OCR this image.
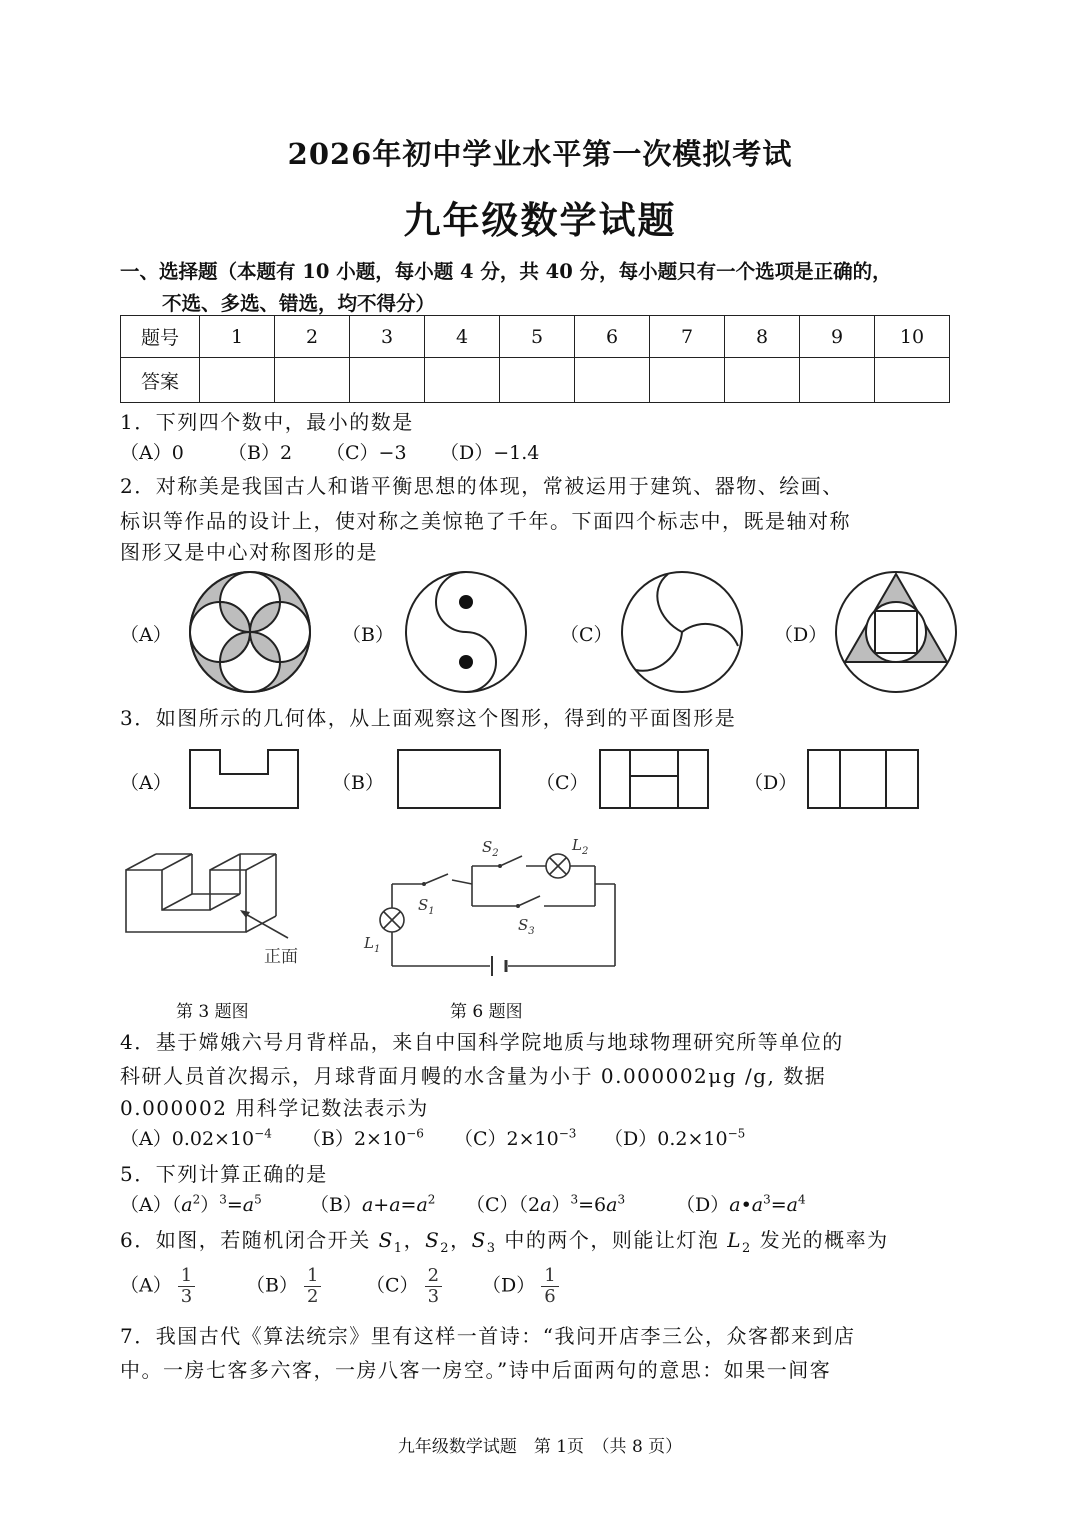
2026年初中学业水平第一次模拟考试
九年级数学试题
一、选择题（本题有 10 小题，每小题 4 分，共 40 分，每小题只有一个选项是正确的，
不选、多选、错选，均不得分）
题号	1	2	3	4	5	6	7	8	9	10
答案										
1．下列四个数中，最小的数是
（A）0 （B）2 （C）−3 （D）−1.4
2．对称美是我国古人和谐平衡思想的体现，常被运用于建筑、器物、绘画、
标识等作品的设计上，使对称之美惊艳了千年。下面四个标志中，既是轴对称
图形又是中心对称图形的是
（A）	（B）	（C）	（D）
3．如图所示的几何体，从上面观察这个图形，得到的平面图形是
（A）	（B）	（C）	（D）
正面
$S_1$
$S_2$
$S_3$
$L_1$
$L_2$
第 3 题图	第 6 题图
4．基于嫦娥六号月背样品，来自中国科学院地质与地球物理研究所等单位的
科研人员首次揭示，月球背面月幔的水含量为小于 0.000002μg /g, 数据
0.000002 用科学记数法表示为
$(A)0.02\times 10^{-4}$ $(B)2\times 10^{-6}$ $(C)2\times 10^{-3}$ $(D)0.2\times 10^{-5}$
5．下列计算正确的是
$(A)(a^2)^3=a^5$	$(B)a+a=a^2$ $(C)(2a)^3=6a^3$	$(D)a•a^3=a^4$
6．如图，若随机闭合开关 $S_1$，$S_2$，$S_3$ 中的两个，则能让灯泡 $L_2$ 发光的概率为
$(A) \frac{1}{3}$	$(B) \frac{1}{2} (C) \frac{2}{3} (D) \frac{1}{6}$
7．我国古代《算法统宗》里有这样一首诗：“我问开店李三公，众客都来到店
中。一房七客多六客，一房八客一房空。”诗中后面两句的意思：如果一间客
九年级数学试题　第 1页　（共 8 页）
